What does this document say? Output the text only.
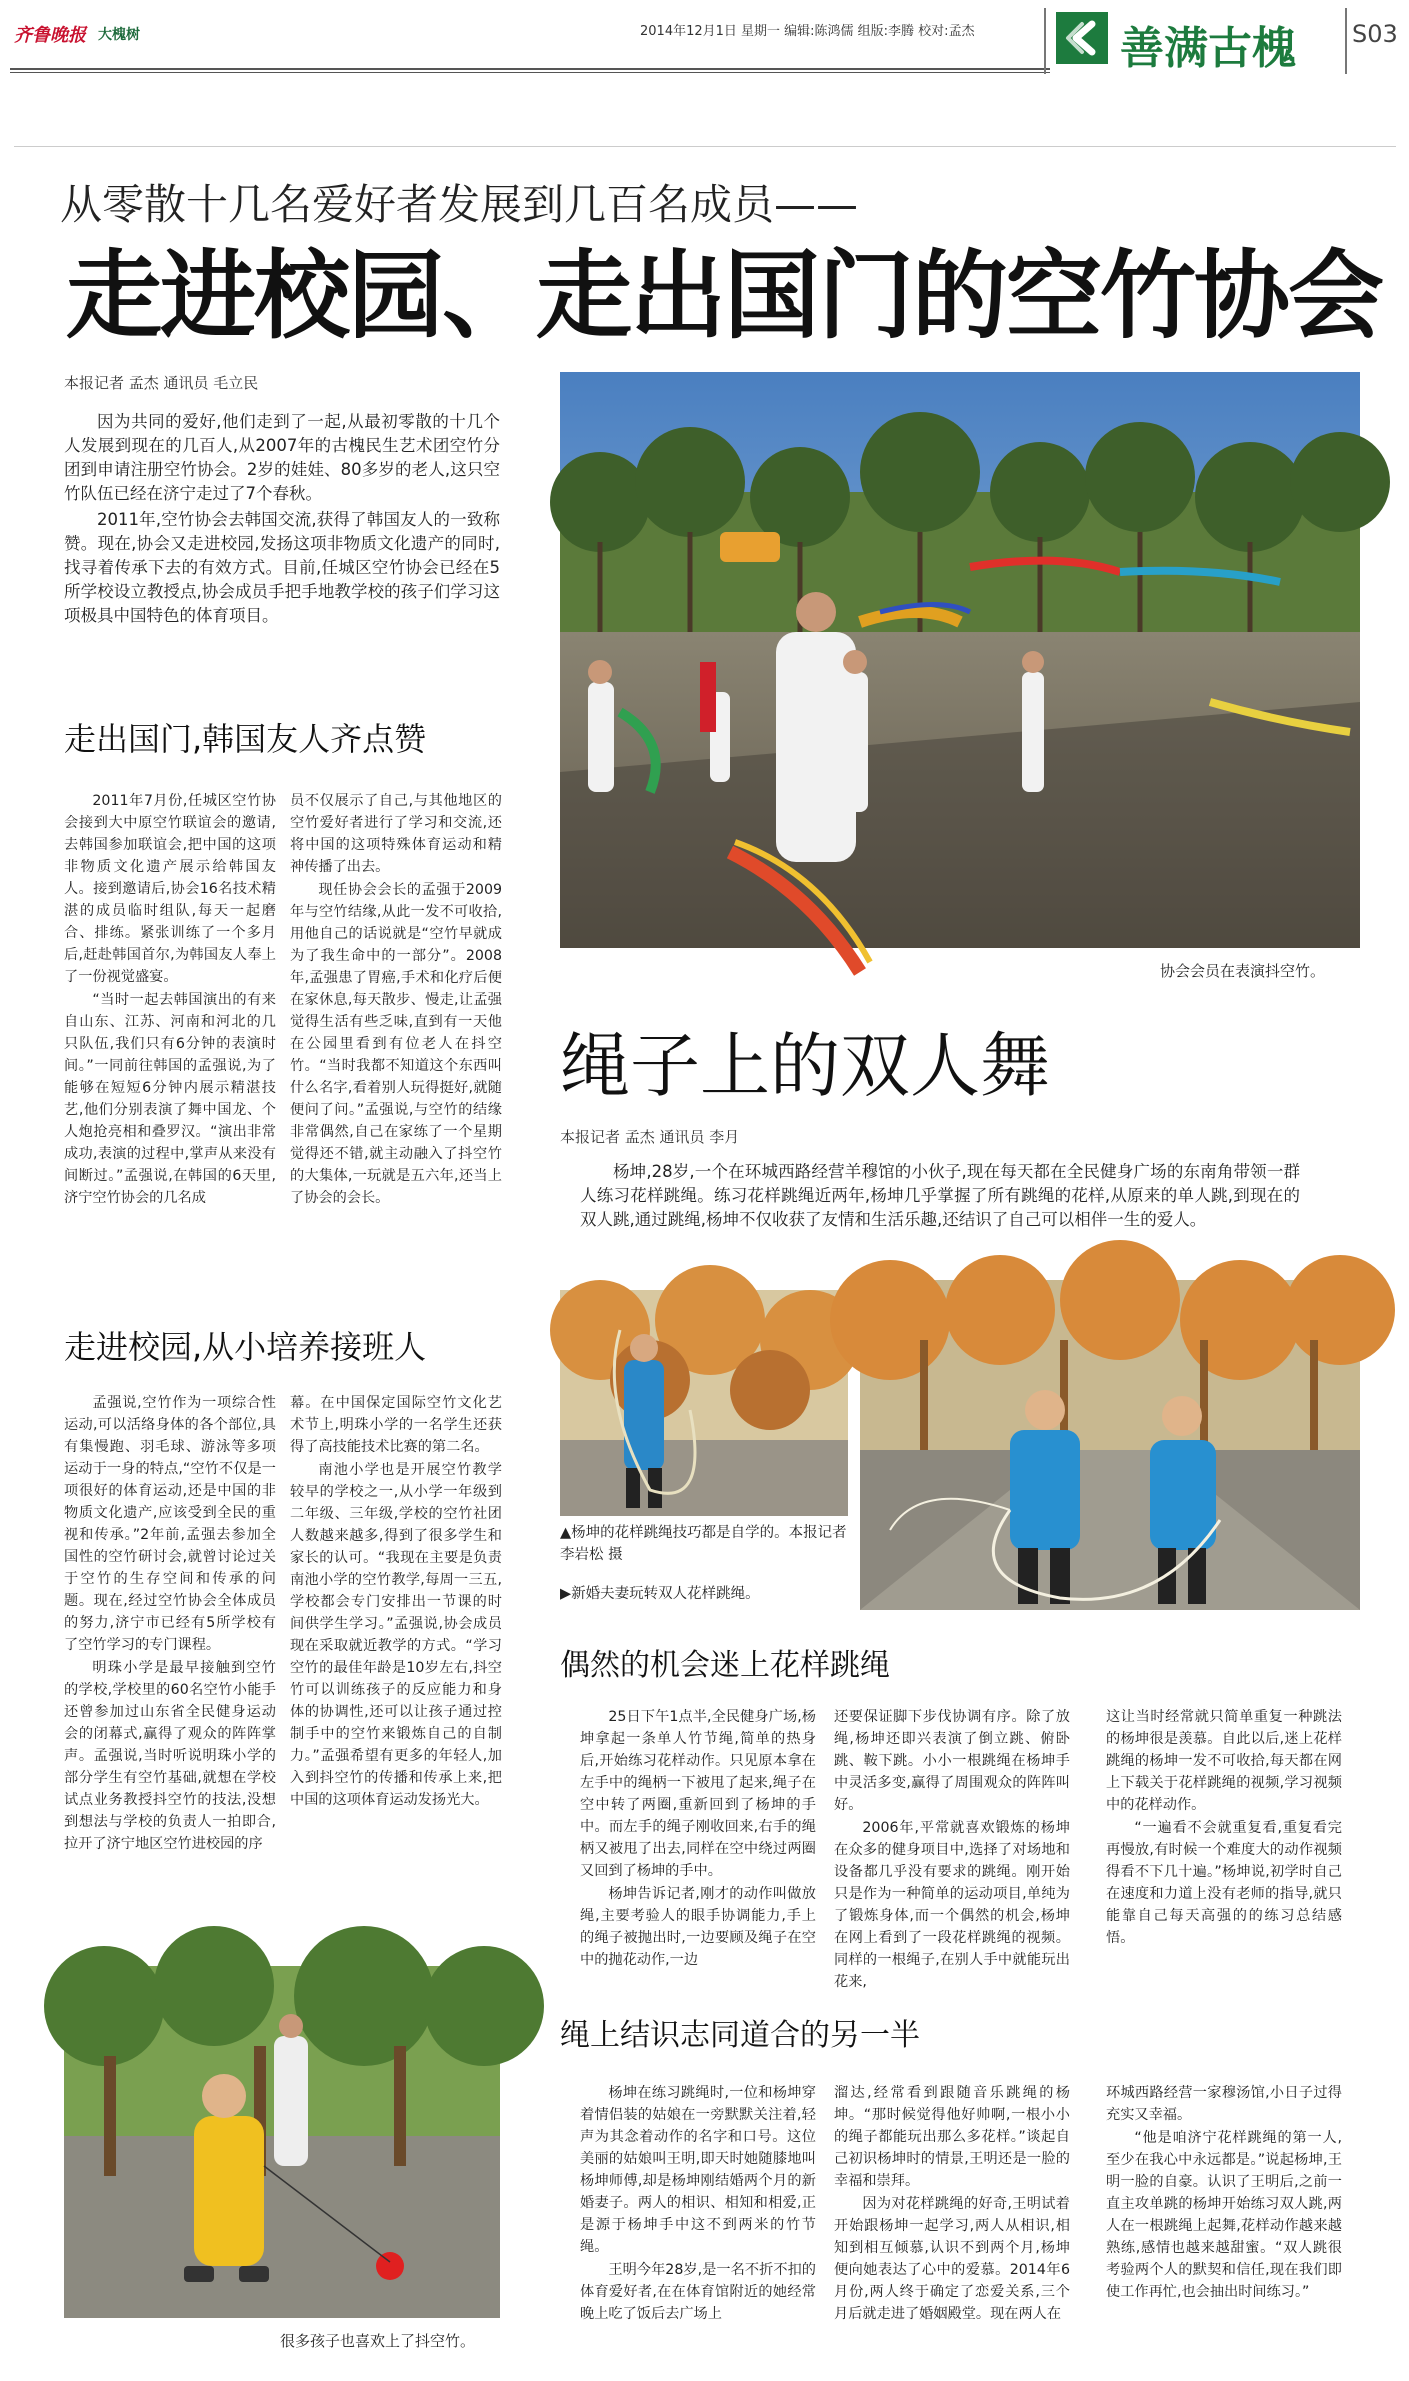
齐鲁晚报 大槐树	2014年12月1日 星期一 编辑:陈鸿儒 组版:李腾 校对:孟杰	善满古槐 S03
从零散十几名爱好者发展到几百名成员——
走进校园、走出国门的空竹协会
本报记者 孟杰 通讯员 毛立民

因为共同的爱好,他们走到了一起,从最初零散的十几个人发展到现在的几百人,从2007年的古槐民生艺术团空竹分团到申请注册空竹协会。2岁的娃娃、80多岁的老人,这只空竹队伍已经在济宁走过了7个春秋。

2011年,空竹协会去韩国交流,获得了韩国友人的一致称赞。现在,协会又走进校园,发扬这项非物质文化遗产的同时,找寻着传承下去的有效方式。目前,任城区空竹协会已经在5所学校设立教授点,协会成员手把手地教学校的孩子们学习这项极具中国特色的体育项目。

协会会员在表演抖空竹。
走出国门,韩国友人齐点赞

2011年7月份,任城区空竹协会接到大中原空竹联谊会的邀请,去韩国参加联谊会,把中国的这项非物质文化遗产展示给韩国友人。接到邀请后,协会16名技术精湛的成员临时组队,每天一起磨合、排练。紧张训练了一个多月后,赶赴韩国首尔,为韩国友人奉上了一份视觉盛宴。

“当时一起去韩国演出的有来自山东、江苏、河南和河北的几只队伍,我们只有6分钟的表演时间。”一同前往韩国的孟强说,为了能够在短短6分钟内展示精湛技艺,他们分别表演了舞中国龙、个人炮抢亮相和叠罗汉。“演出非常成功,表演的过程中,掌声从来没有间断过。”孟强说,在韩国的6天里,济宁空竹协会的几名成

员不仅展示了自己,与其他地区的空竹爱好者进行了学习和交流,还将中国的这项特殊体育运动和精神传播了出去。

现任协会会长的孟强于2009年与空竹结缘,从此一发不可收拾,用他自己的话说就是“空竹早就成为了我生命中的一部分”。2008年,孟强患了胃癌,手术和化疗后便在家休息,每天散步、慢走,让孟强觉得生活有些乏味,直到有一天他在公园里看到有位老人在抖空竹。“当时我都不知道这个东西叫什么名字,看着别人玩得挺好,就随便问了问。”孟强说,与空竹的结缘非常偶然,自己在家练了一个星期觉得还不错,就主动融入了抖空竹的大集体,一玩就是五六年,还当上了协会的会长。

走进校园,从小培养接班人

孟强说,空竹作为一项综合性运动,可以活络身体的各个部位,具有集慢跑、羽毛球、游泳等多项运动于一身的特点,“空竹不仅是一项很好的体育运动,还是中国的非物质文化遗产,应该受到全民的重视和传承。”2年前,孟强去参加全国性的空竹研讨会,就曾讨论过关于空竹的生存空间和传承的问题。现在,经过空竹协会全体成员的努力,济宁市已经有5所学校有了空竹学习的专门课程。

明珠小学是最早接触到空竹的学校,学校里的60名空竹小能手还曾参加过山东省全民健身运动会的闭幕式,赢得了观众的阵阵掌声。孟强说,当时听说明珠小学的部分学生有空竹基础,就想在学校试点业务教授抖空竹的技法,没想到想法与学校的负责人一拍即合,拉开了济宁地区空竹进校园的序

幕。在中国保定国际空竹文化艺术节上,明珠小学的一名学生还获得了高技能技术比赛的第二名。

南池小学也是开展空竹教学较早的学校之一,从小学一年级到二年级、三年级,学校的空竹社团人数越来越多,得到了很多学生和家长的认可。“我现在主要是负责南池小学的空竹教学,每周一三五,学校都会专门安排出一节课的时间供学生学习。”孟强说,协会成员现在采取就近教学的方式。“学习空竹的最佳年龄是10岁左右,抖空竹可以训练孩子的反应能力和身体的协调性,还可以让孩子通过控制手中的空竹来锻炼自己的自制力。”孟强希望有更多的年轻人,加入到抖空竹的传播和传承上来,把中国的这项体育运动发扬光大。

很多孩子也喜欢上了抖空竹。
绳子上的双人舞
本报记者 孟杰 通讯员 李月
杨坤,28岁,一个在环城西路经营羊穆馆的小伙子,现在每天都在全民健身广场的东南角带领一群人练习花样跳绳。练习花样跳绳近两年,杨坤几乎掌握了所有跳绳的花样,从原来的单人跳,到现在的双人跳,通过跳绳,杨坤不仅收获了友情和生活乐趣,还结识了自己可以相伴一生的爱人。
▲杨坤的花样跳绳技巧都是自学的。本报记者 李岩松 摄
▶新婚夫妻玩转双人花样跳绳。
偶然的机会迷上花样跳绳

25日下午1点半,全民健身广场,杨坤拿起一条单人竹节绳,简单的热身后,开始练习花样动作。只见原本拿在左手中的绳柄一下被甩了起来,绳子在空中转了两圈,重新回到了杨坤的手中。而左手的绳子刚收回来,右手的绳柄又被甩了出去,同样在空中绕过两圈又回到了杨坤的手中。

杨坤告诉记者,刚才的动作叫做放绳,主要考验人的眼手协调能力,手上的绳子被抛出时,一边要顾及绳子在空中的抛花动作,一边

还要保证脚下步伐协调有序。除了放绳,杨坤还即兴表演了倒立跳、俯卧跳、鞍下跳。小小一根跳绳在杨坤手中灵活多变,赢得了周围观众的阵阵叫好。

2006年,平常就喜欢锻炼的杨坤在众多的健身项目中,选择了对场地和设备都几乎没有要求的跳绳。刚开始只是作为一种简单的运动项目,单纯为了锻炼身体,而一个偶然的机会,杨坤在网上看到了一段花样跳绳的视频。同样的一根绳子,在别人手中就能玩出花来,

这让当时经常就只简单重复一种跳法的杨坤很是羡慕。自此以后,迷上花样跳绳的杨坤一发不可收拾,每天都在网上下载关于花样跳绳的视频,学习视频中的花样动作。

“一遍看不会就重复看,重复看完再慢放,有时候一个难度大的动作视频得看不下几十遍。”杨坤说,初学时自己在速度和力道上没有老师的指导,就只能靠自己每天高强的的练习总结感悟。

绳上结识志同道合的另一半

杨坤在练习跳绳时,一位和杨坤穿着情侣装的姑娘在一旁默默关注着,轻声为其念着动作的名字和口号。这位美丽的姑娘叫王明,即天时她随膝地叫杨坤师傅,却是杨坤刚结婚两个月的新婚妻子。两人的相识、相知和相爱,正是源于杨坤手中这不到两米的竹节绳。

王明今年28岁,是一名不折不扣的体育爱好者,在在体育馆附近的她经常晚上吃了饭后去广场上

溜达,经常看到跟随音乐跳绳的杨坤。“那时候觉得他好帅啊,一根小小的绳子都能玩出那么多花样。”谈起自己初识杨坤时的情景,王明还是一脸的幸福和崇拜。

因为对花样跳绳的好奇,王明试着开始跟杨坤一起学习,两人从相识,相知到相互倾慕,认识不到两个月,杨坤便向她表达了心中的爱慕。2014年6月份,两人终于确定了恋爱关系,三个月后就走进了婚姻殿堂。现在两人在

环城西路经营一家穆汤馆,小日子过得充实又幸福。

“他是咱济宁花样跳绳的第一人,至少在我心中永远都是。”说起杨坤,王明一脸的自豪。认识了王明后,之前一直主攻单跳的杨坤开始练习双人跳,两人在一根跳绳上起舞,花样动作越来越熟练,感情也越来越甜蜜。“双人跳很考验两个人的默契和信任,现在我们即使工作再忙,也会抽出时间练习。”
